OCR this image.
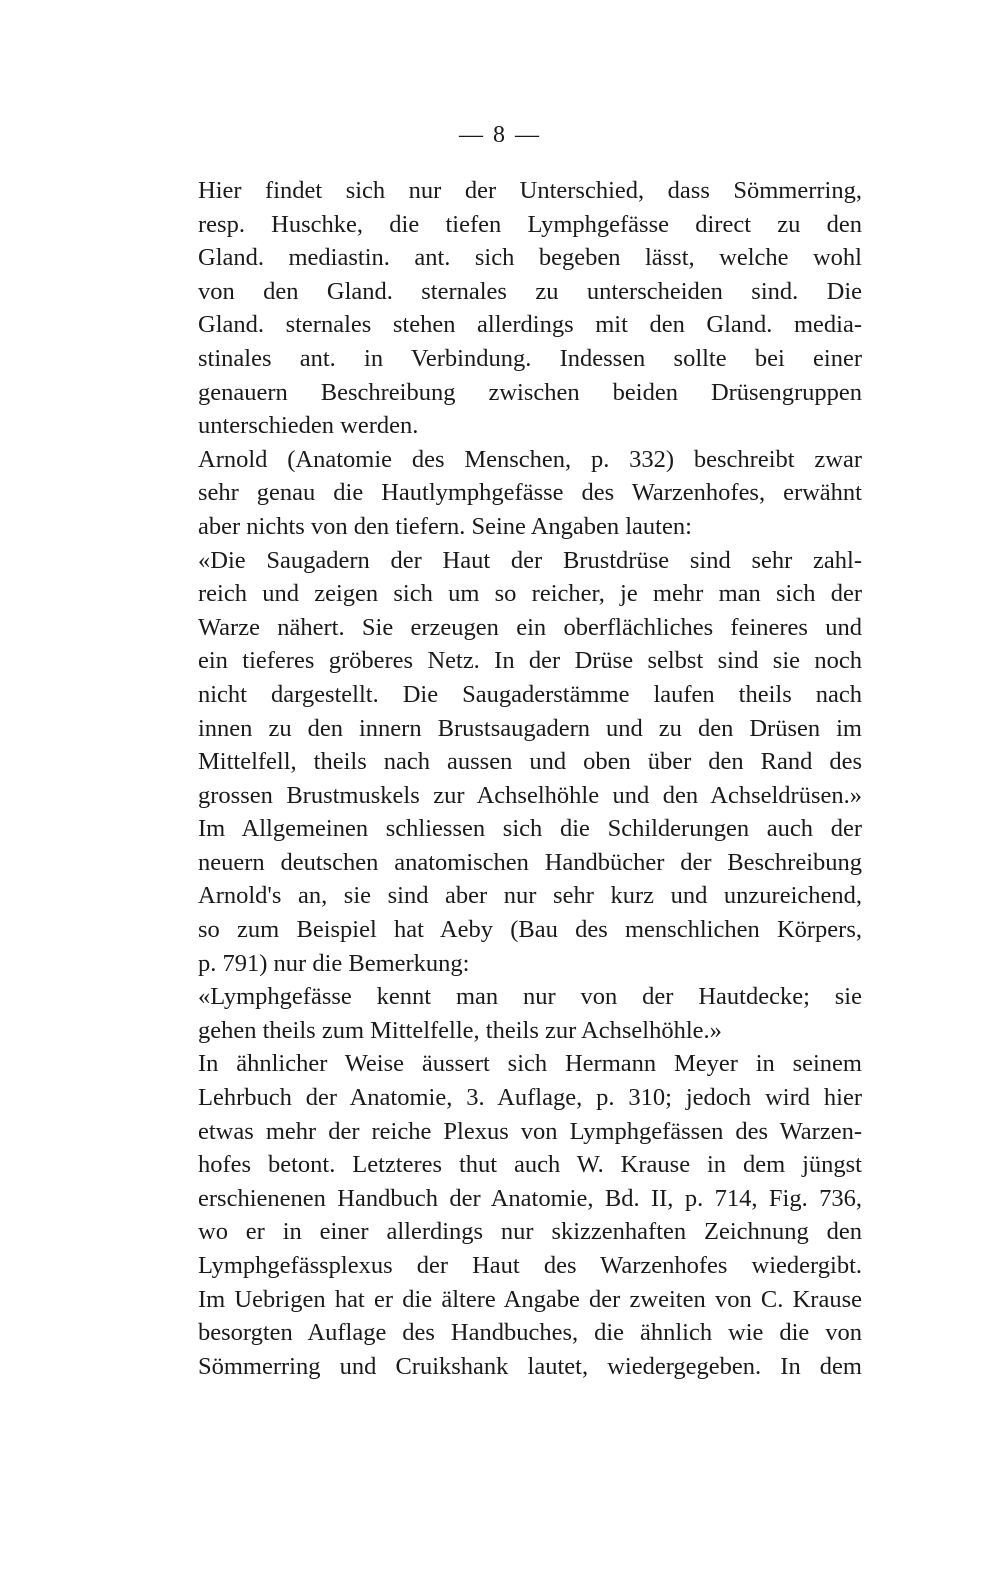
— 8 —
Hier findet sich nur der Unterschied, dass Sömmerring,
resp. Huschke, die tiefen Lymphgefässe direct zu den
Gland. mediastin. ant. sich begeben lässt, welche wohl
von den Gland. sternales zu unterscheiden sind. Die
Gland. sternales stehen allerdings mit den Gland. media-
stinales ant. in Verbindung. Indessen sollte bei einer
genauern Beschreibung zwischen beiden Drüsengruppen
unterschieden werden.
Arnold (Anatomie des Menschen, p. 332) beschreibt zwar
sehr genau die Hautlymphgefässe des Warzenhofes, erwähnt
aber nichts von den tiefern. Seine Angaben lauten:
«Die Saugadern der Haut der Brustdrüse sind sehr zahl-
reich und zeigen sich um so reicher, je mehr man sich der
Warze nähert. Sie erzeugen ein oberflächliches feineres und
ein tieferes gröberes Netz. In der Drüse selbst sind sie noch
nicht dargestellt. Die Saugaderstämme laufen theils nach
innen zu den innern Brustsaugadern und zu den Drüsen im
Mittelfell, theils nach aussen und oben über den Rand des
grossen Brustmuskels zur Achselhöhle und den Achseldrüsen.»
Im Allgemeinen schliessen sich die Schilderungen auch der
neuern deutschen anatomischen Handbücher der Beschreibung
Arnold's an, sie sind aber nur sehr kurz und unzureichend,
so zum Beispiel hat Aeby (Bau des menschlichen Körpers,
p. 791) nur die Bemerkung:
«Lymphgefässe kennt man nur von der Hautdecke; sie
gehen theils zum Mittelfelle, theils zur Achselhöhle.»
In ähnlicher Weise äussert sich Hermann Meyer in seinem
Lehrbuch der Anatomie, 3. Auflage, p. 310; jedoch wird hier
etwas mehr der reiche Plexus von Lymphgefässen des Warzen-
hofes betont. Letzteres thut auch W. Krause in dem jüngst
erschienenen Handbuch der Anatomie, Bd. II, p. 714, Fig. 736,
wo er in einer allerdings nur skizzenhaften Zeichnung den
Lymphgefässplexus der Haut des Warzenhofes wiedergibt.
Im Uebrigen hat er die ältere Angabe der zweiten von C. Krause
besorgten Auflage des Handbuches, die ähnlich wie die von
Sömmerring und Cruikshank lautet, wiedergegeben. In dem
